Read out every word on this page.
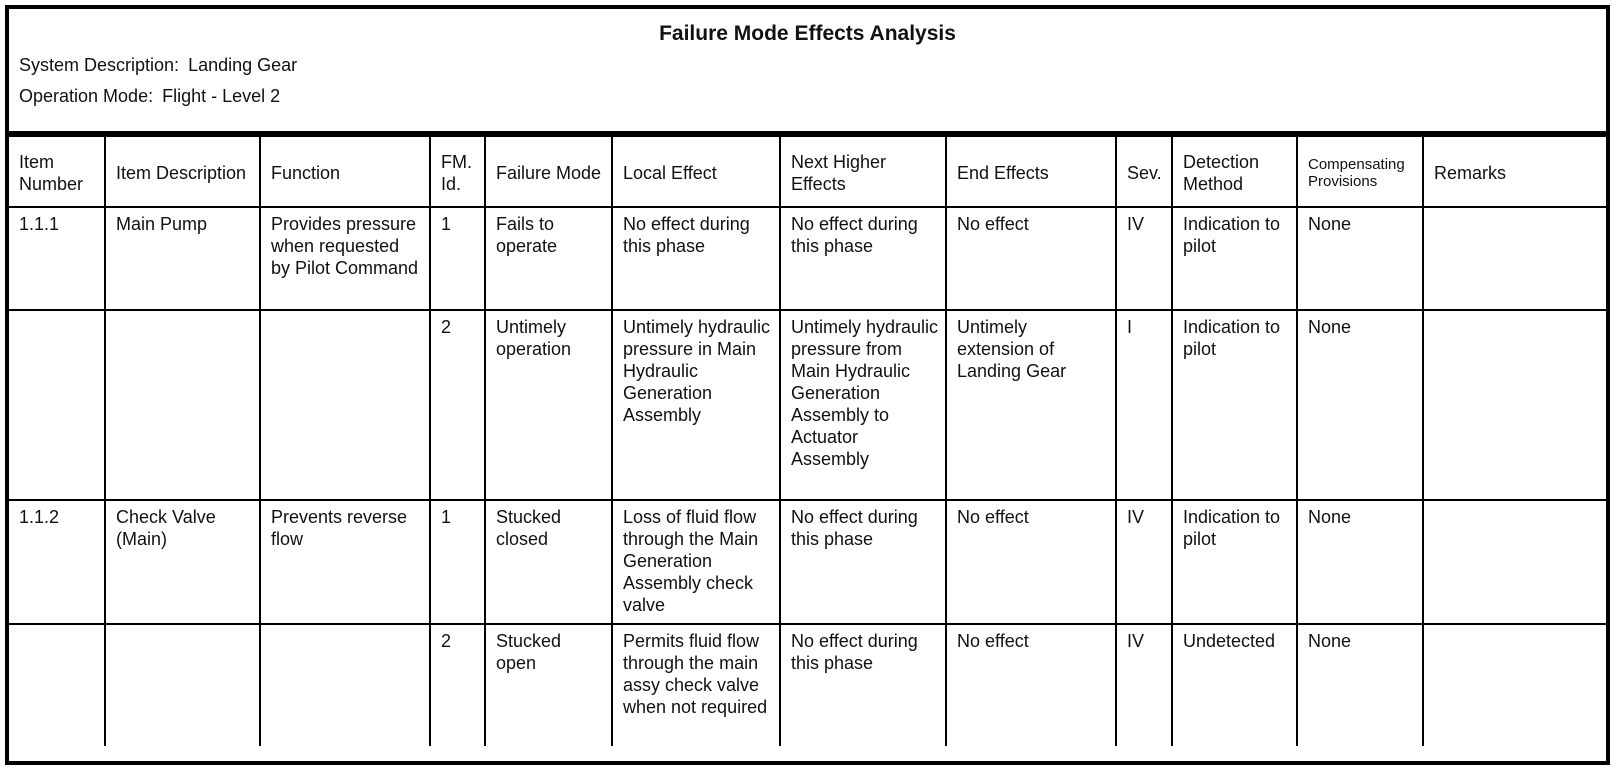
Failure Mode Effects Analysis
System Description: Landing Gear
Operation Mode: Flight - Level 2
Item Number	Item Description	Function	FM. Id.	Failure Mode	Local Effect	Next Higher Effects	End Effects	Sev.	Detection Method	Compensating Provisions	Remarks
1.1.1	Main Pump	Provides pressure when requested by Pilot Command	1	Fails to operate	No effect during this phase	No effect during this phase	No effect	IV	Indication to pilot	None	
			2	Untimely operation	Untimely hydraulic pressure in Main Hydraulic Generation Assembly	Untimely hydraulic pressure from Main Hydraulic Generation Assembly to Actuator Assembly	Untimely extension of Landing Gear	I	Indication to pilot	None	
1.1.2	Check Valve (Main)	Prevents reverse flow	1	Stucked closed	Loss of fluid flow through the Main Generation Assembly check valve	No effect during this phase	No effect	IV	Indication to pilot	None	
			2	Stucked open	Permits fluid flow through the main assy check valve when not required	No effect during this phase	No effect	IV	Undetected	None	
